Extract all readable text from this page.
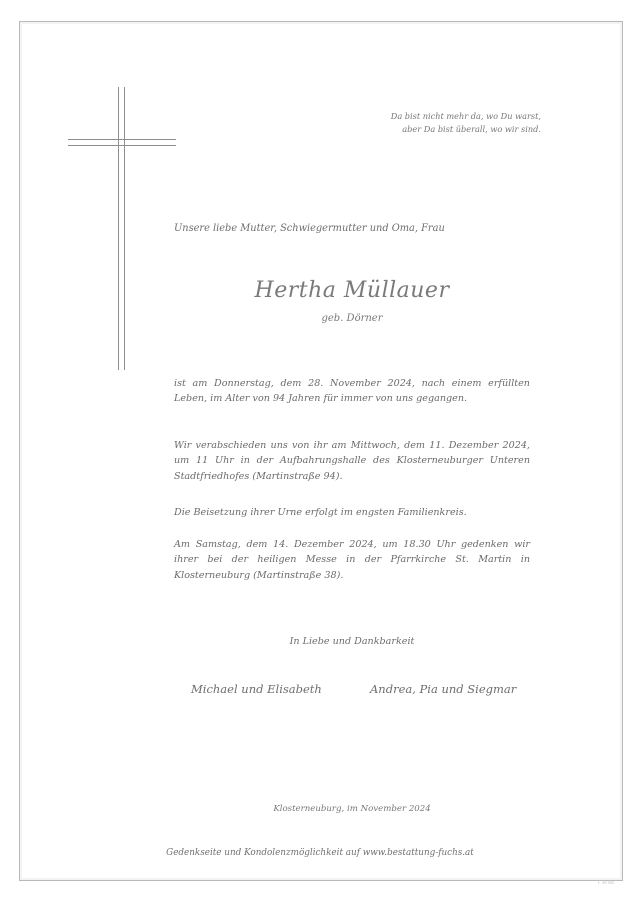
Da bist nicht mehr da, wo Du warst,
aber Da bist überall, wo wir sind.
Unsere liebe Mutter, Schwiegermutter und Oma, Frau
Hertha Müllauer
geb. Dörner
ist am Donnerstag, dem 28. November 2024, nach einem erfüllten Leben, im Alter von 94 Jahren für immer von uns gegangen.
Wir verabschieden uns von ihr am Mittwoch, dem 11. Dezember 2024, um 11 Uhr in der Aufbahrungshalle des Klosterneuburger Unteren Stadtfriedhofes (Martinstraße 94).
Die Beisetzung ihrer Urne erfolgt im engsten Familienkreis.
Am Samstag, dem 14. Dezember 2024, um 18.30 Uhr gedenken wir ihrer bei der heiligen Messe in der Pfarrkirche St. Martin in Klosterneuburg (Martinstraße 38).
In Liebe und Dankbarkeit
Michael und Elisabeth	Andrea, Pia und Siegmar
Klosterneuburg, im November 2024
Gedenkseite und Kondolenzmöglichkeit auf www.bestattung-fuchs.at
F 39 Wo
